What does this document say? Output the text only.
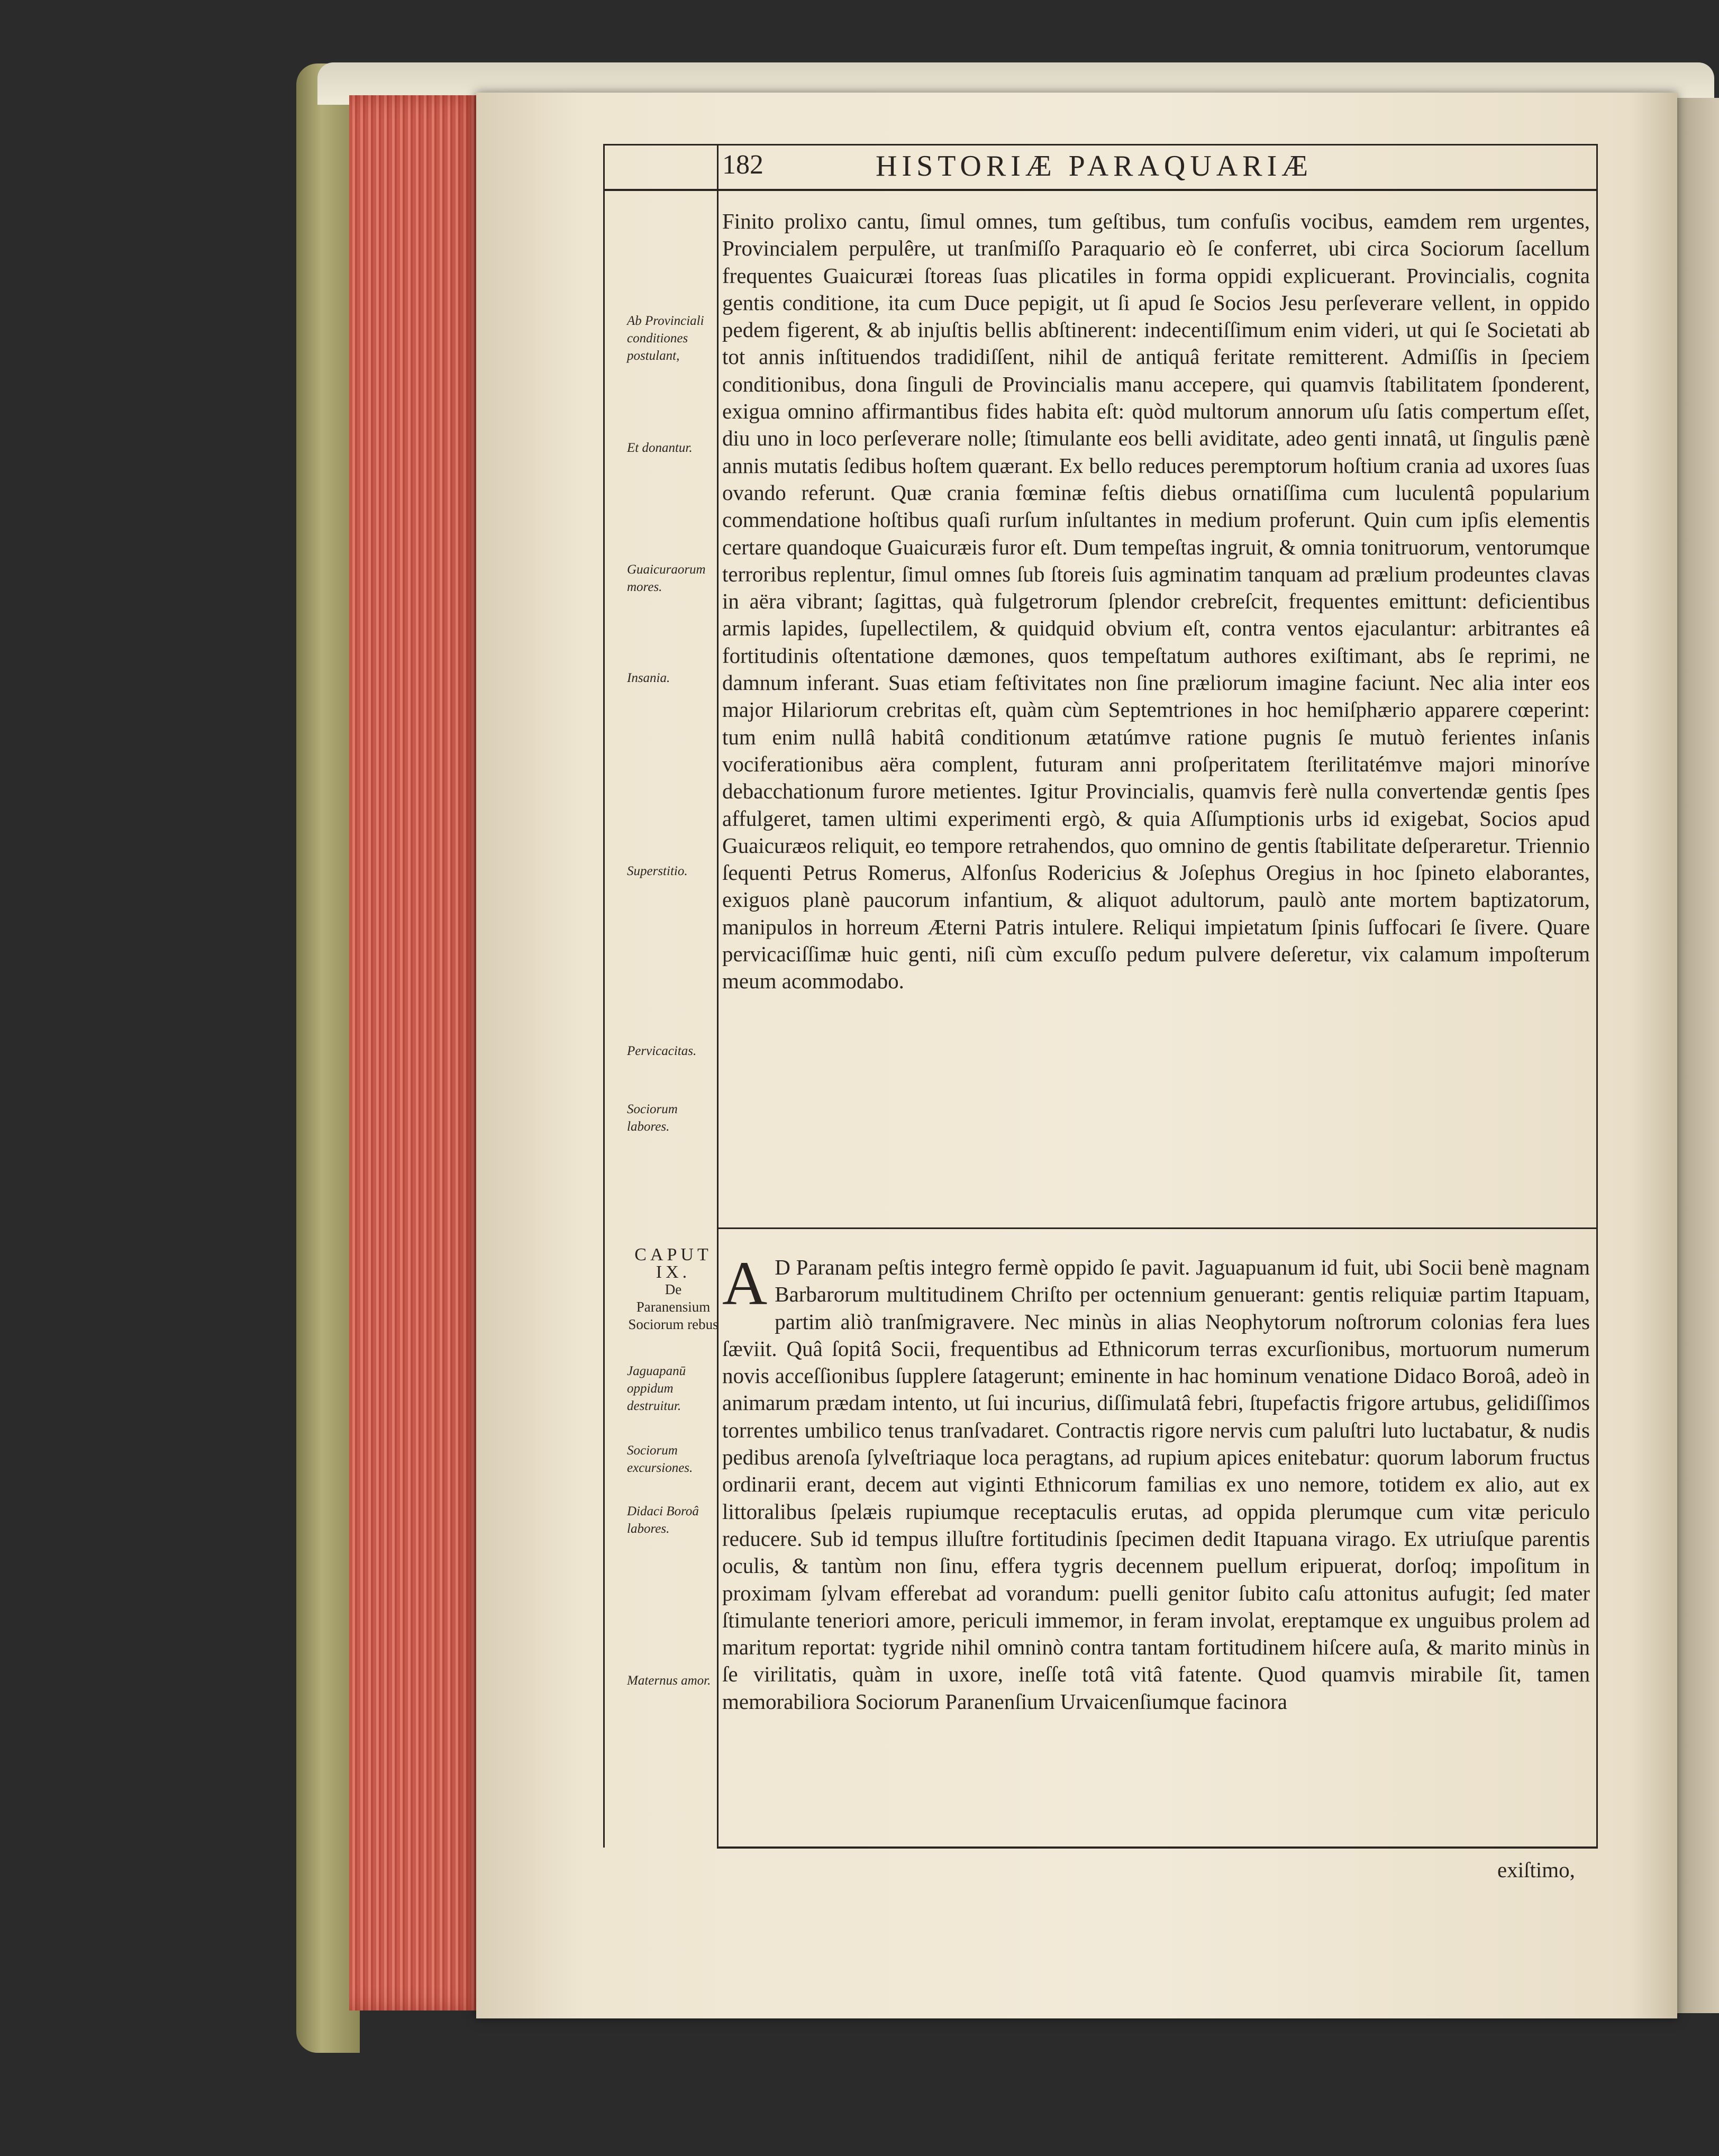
182	HISTORIÆ PARAQUARIÆ
Ab Provinciali conditiones postulant,
Et donantur.
Guaicuraorum mores.
Insania.
Superstitio.
Pervicacitas.
Sociorum labores.
CAPUT
IX.
De Paranensium Sociorum rebus
Jaguapanū oppidum destruitur.
Sociorum excursiones.
Didaci Boroâ labores.
Maternus amor.

Finito prolixo cantu, ſimul omnes, tum geſtibus, tum confuſis vocibus, eamdem rem urgentes, Provincialem perpulêre, ut tranſmiſſo Paraquario eò ſe conferret, ubi circa Sociorum ſacellum frequentes Guaicuræi ſtoreas ſuas plicatiles in forma oppidi explicuerant. Provincialis, cognita gentis conditione, ita cum Duce pepigit, ut ſi apud ſe Socios Jesu perſeverare vellent, in oppido pedem figerent, & ab injuſtis bellis abſtinerent: indecentiſſimum enim videri, ut qui ſe Societati ab tot annis inſtituendos tradidiſſent, nihil de antiquâ feritate remitterent. Admiſſis in ſpeciem conditionibus, dona ſinguli de Provincialis manu accepere, qui quamvis ſtabilitatem ſponderent, exigua omnino affirmantibus fides habita eſt: quòd multorum annorum uſu ſatis compertum eſſet, diu uno in loco perſeverare nolle; ſtimulante eos belli aviditate, adeo genti innatâ, ut ſingulis pænè annis mutatis ſedibus hoſtem quærant. Ex bello reduces peremptorum hoſtium crania ad uxores ſuas ovando referunt. Quæ crania fœminæ feſtis diebus ornatiſſima cum luculentâ popularium commendatione hoſtibus quaſi rurſum inſultantes in medium proferunt. Quin cum ipſis elementis certare quandoque Guaicuræis furor eſt. Dum tempeſtas ingruit, & omnia tonitruorum, ventorumque terroribus replentur, ſimul omnes ſub ſtoreis ſuis agminatim tanquam ad prælium prodeuntes clavas in aëra vibrant; ſagittas, quà fulgetrorum ſplendor crebreſcit, frequentes emittunt: deficientibus armis lapides, ſupellectilem, & quidquid obvium eſt, contra ventos ejaculantur: arbitrantes eâ fortitudinis oſtentatione dæmones, quos tempeſtatum authores exiſtimant, abs ſe reprimi, ne damnum inferant. Suas etiam feſtivitates non ſine præliorum imagine faciunt. Nec alia inter eos major Hilariorum crebritas eſt, quàm cùm Septemtriones in hoc hemiſphærio apparere cœperint: tum enim nullâ habitâ conditionum ætatúmve ratione pugnis ſe mutuò ferientes inſanis vociferationibus aëra complent, futuram anni proſperitatem ſterilitatémve majori minoríve debacchationum furore metientes. Igitur Provincialis, quamvis ferè nulla convertendæ gentis ſpes affulgeret, tamen ultimi experimenti ergò, & quia Aſſumptionis urbs id exigebat, Socios apud Guaicuræos reliquit, eo tempore retrahendos, quo omnino de gentis ſtabilitate deſperaretur. Triennio ſequenti Petrus Romerus, Alfonſus Rodericius & Joſephus Oregius in hoc ſpineto elaborantes, exiguos planè paucorum infantium, & aliquot adultorum, paulò ante mortem baptizatorum, manipulos in horreum Æterni Patris intulere. Reliqui impietatum ſpinis ſuffocari ſe ſivere. Quare pervicaciſſimæ huic genti, niſi cùm excuſſo pedum pulvere deſeretur, vix calamum impoſterum meum acommodabo.

A D Paranam peſtis integro fermè oppido ſe pavit. Jaguapuanum id fuit, ubi Socii benè magnam Barbarorum multitudinem Chriſto per octennium genuerant: gentis reliquiæ partim Itapuam, partim aliò tranſmigravere. Nec minùs in alias Neophytorum noſtrorum colonias fera lues ſæviit. Quâ ſopitâ Socii, frequentibus ad Ethnicorum terras excurſionibus, mortuorum numerum novis acceſſionibus ſupplere ſatagerunt; eminente in hac hominum venatione Didaco Boroâ, adeò in animarum prædam intento, ut ſui incurius, diſſimulatâ febri, ſtupefactis frigore artubus, gelidiſſimos torrentes umbilico tenus tranſvadaret. Contractis rigore nervis cum paluſtri luto luctabatur, & nudis pedibus arenoſa ſylveſtriaque loca peragtans, ad rupium apices enitebatur: quorum laborum fructus ordinarii erant, decem aut viginti Ethnicorum familias ex uno nemore, totidem ex alio, aut ex littoralibus ſpelæis rupiumque receptaculis erutas, ad oppida plerumque cum vitæ periculo reducere. Sub id tempus illuſtre fortitudinis ſpecimen dedit Itapuana virago. Ex utriuſque parentis oculis, & tantùm non ſinu, effera tygris decennem puellum eripuerat, dorſoq; impoſitum in proximam ſylvam efferebat ad vorandum: puelli genitor ſubito caſu attonitus aufugit; ſed mater ſtimulante teneriori amore, periculi immemor, in feram involat, ereptamque ex unguibus prolem ad maritum reportat: tygride nihil omninò contra tantam fortitudinem hiſcere auſa, & marito minùs in ſe virilitatis, quàm in uxore, ineſſe totâ vitâ fatente. Quod quamvis mirabile ſit, tamen memorabiliora Sociorum Paranenſium Urvaicenſiumque facinora

exiſtimo,
